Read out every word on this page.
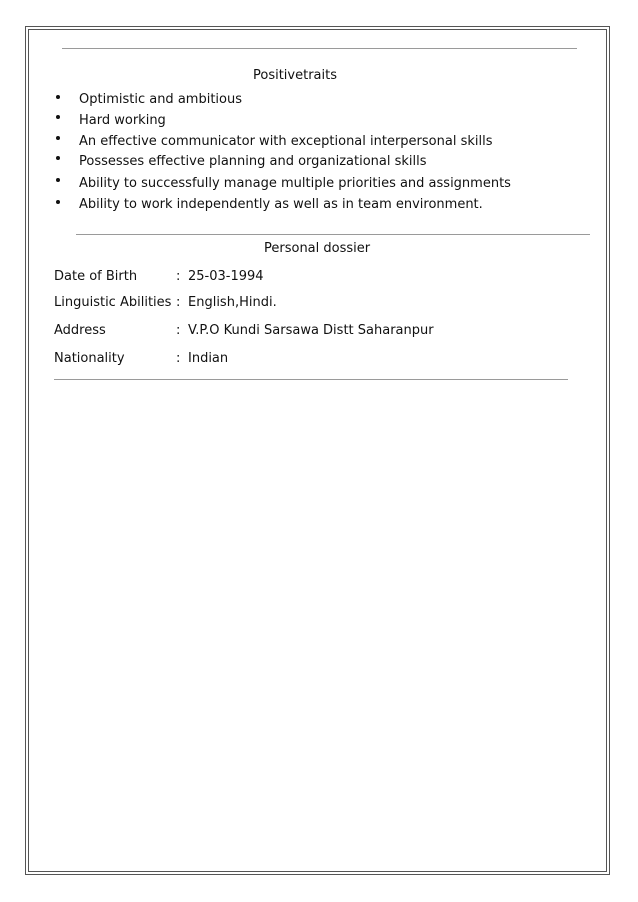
Positivetraits
Optimistic and ambitious
Hard working
An effective communicator with exceptional interpersonal skills
Possesses effective planning and organizational skills
Ability to successfully manage multiple priorities and assignments
Ability to work independently as well as in team environment.
Personal dossier
Date of Birth	: 25-03-1994
Linguistic Abilities : English,Hindi.
Address	: V.P.O Kundi Sarsawa Distt Saharanpur
Nationality	: Indian
